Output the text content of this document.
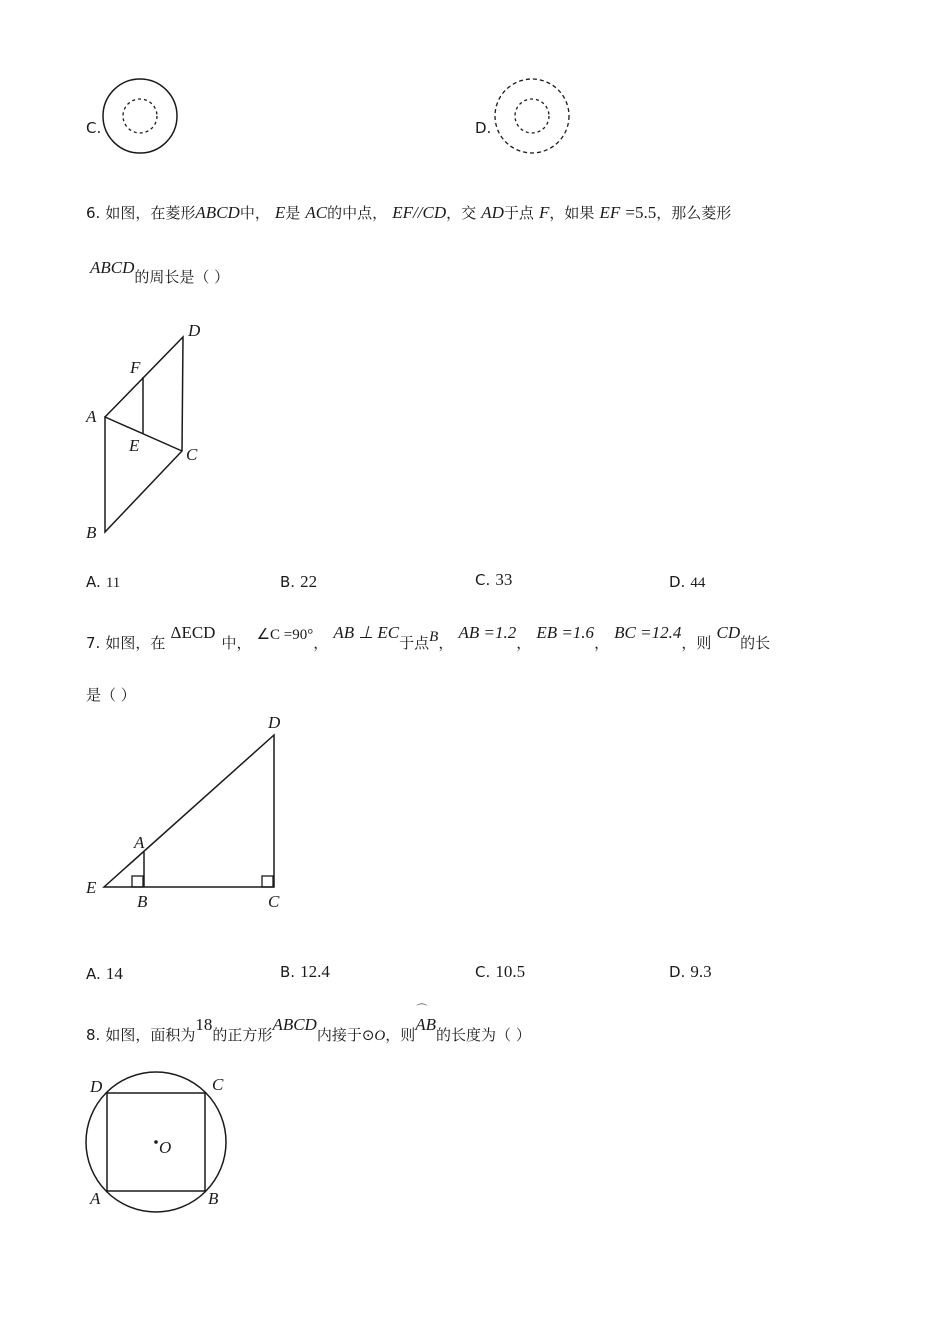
C.	D.
6. 如图，在菱形ABCD中， E是 AC的中点， EF//CD，交 AD于点 F，如果 EF =5.5，那么菱形
ABCD的周长是（ ）
D
F
A
E	C
B
A. 11	B. 22	C. 33	D. 44
7. 如图，在 ΔECD中， ∠C =90°， AB ⊥ EC于点B， AB =1.2， EB =1.6， BC =12.4，则 CD的长
是（ ）
D
A
E
B	C
A. 14	B. 12.4	C. 10.5	D. 9.3
8. 如图，面积为18的正方形ABCD内接于⊙O，则
⌒
AB的长度为（ ）
D	C
O
A	B
